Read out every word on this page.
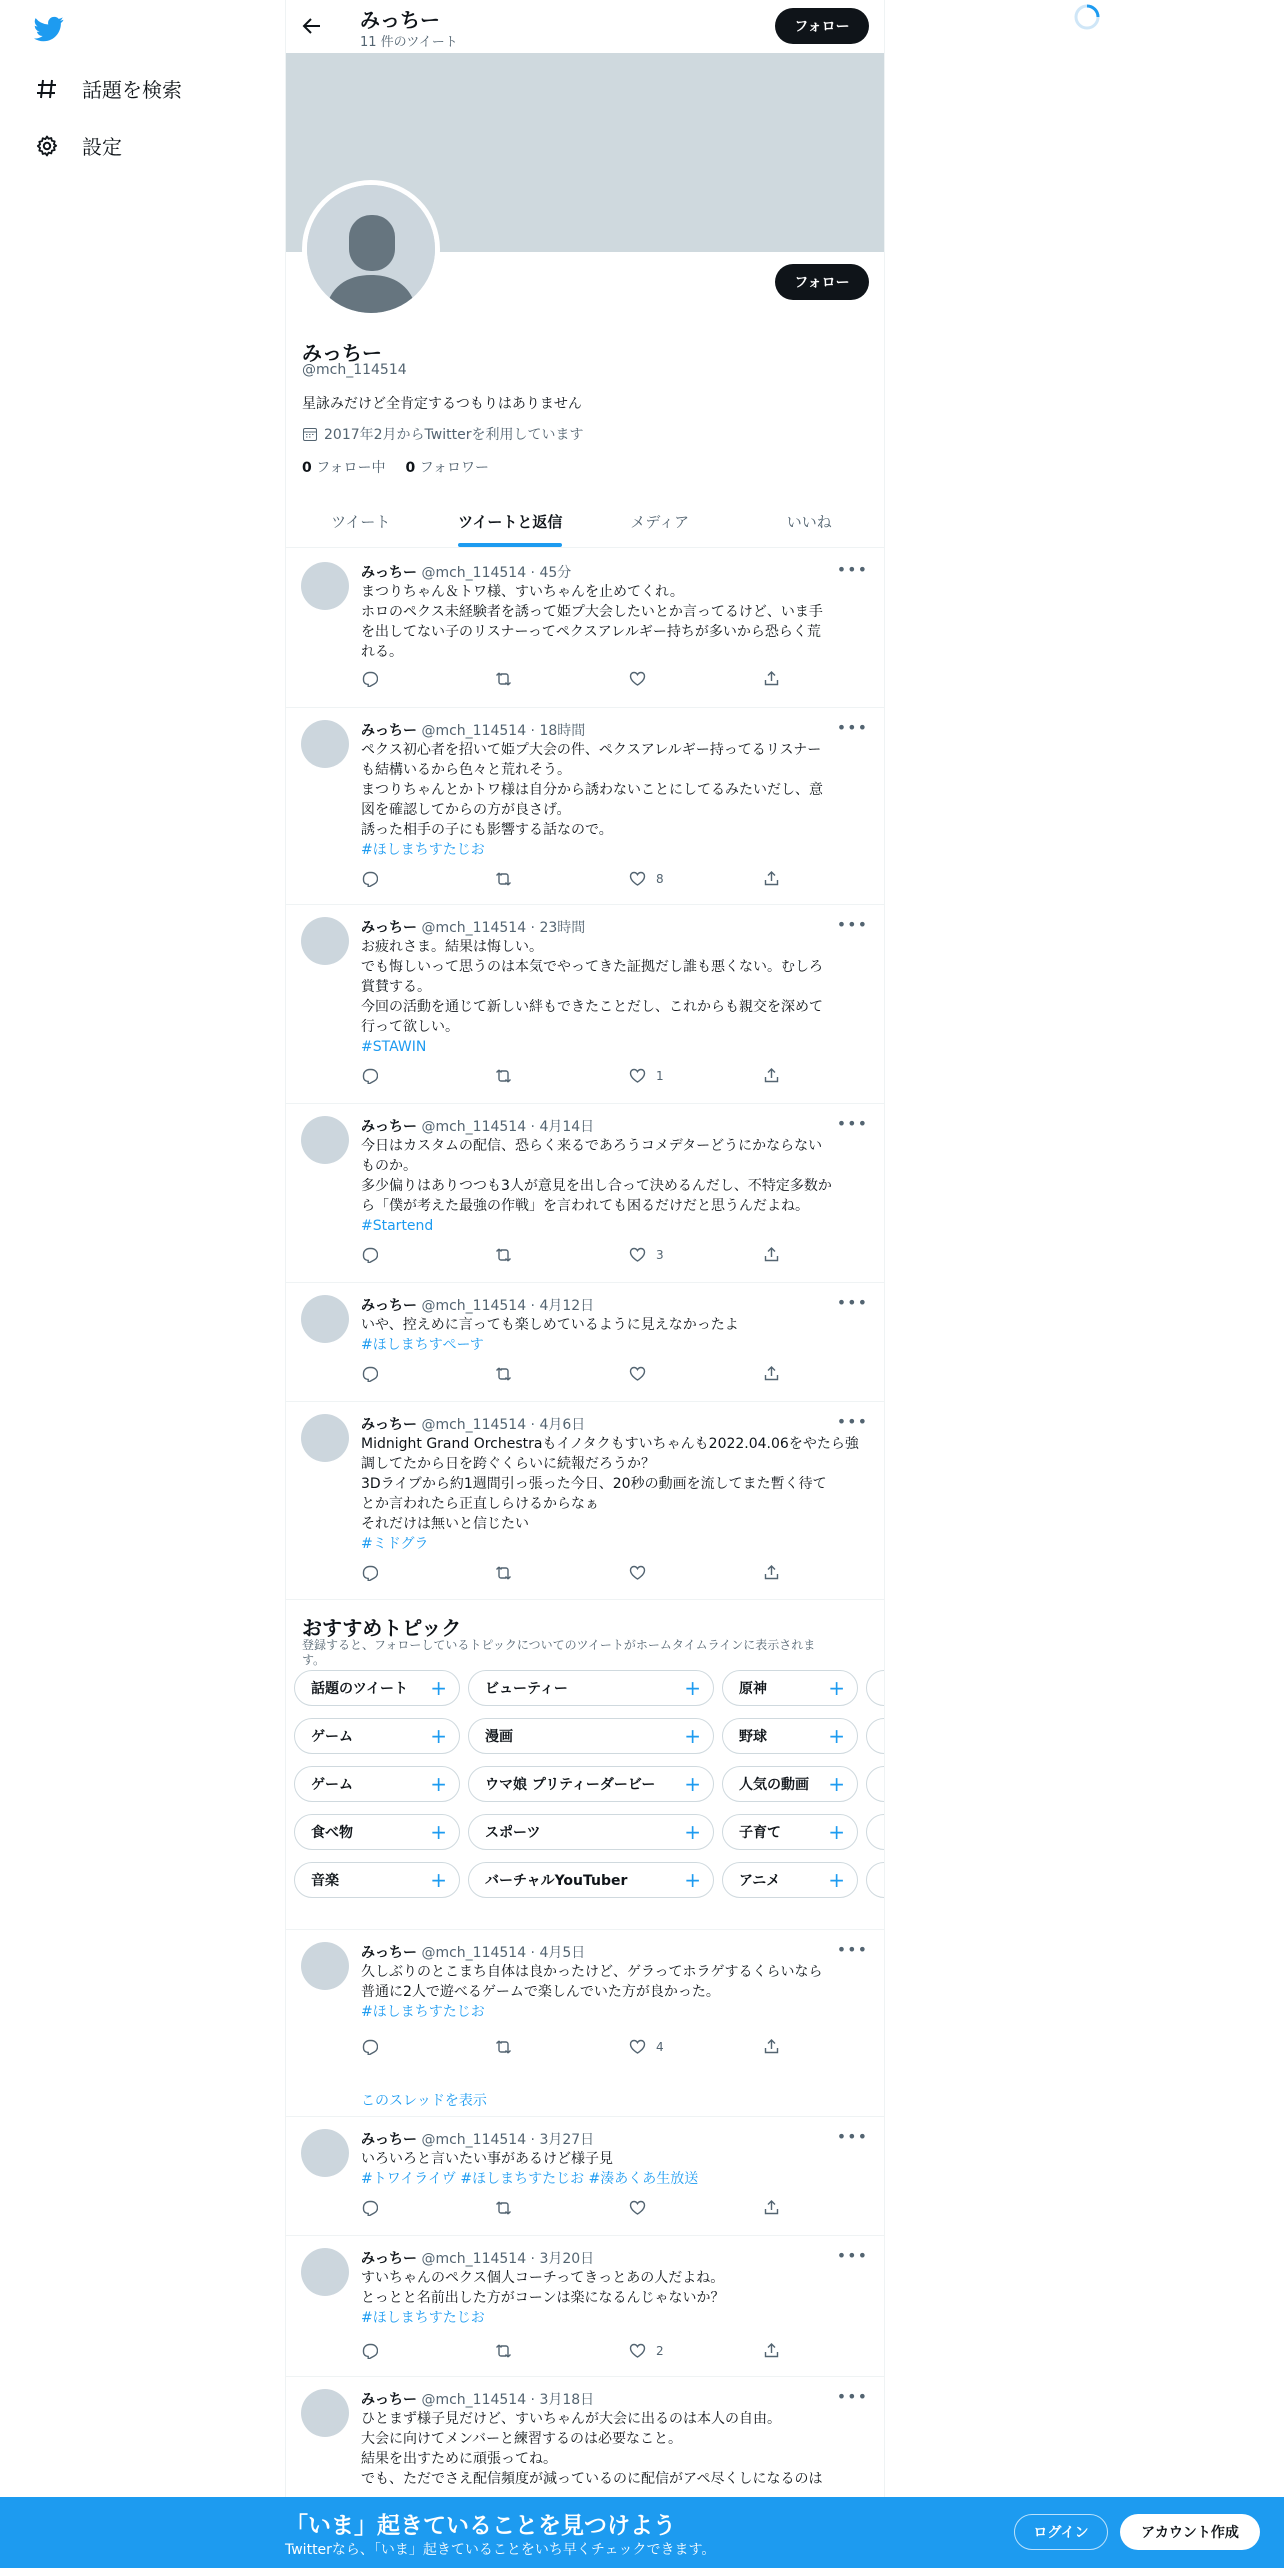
話題を検索
設定
みっちー
11 件のツイート
フォロー
フォロー
みっちー
@mch_114514
星詠みだけど全肯定するつもりはありません
2017年2月からTwitterを利用しています
0 フォロー中 0 フォロワー
ツイート	ツイートと返信	メディア	いいね
みっちー @mch_114514 · 45分	•••
まつりちゃん＆トワ様、すいちゃんを止めてくれ。
ホロのペクス未経験者を誘って姫プ大会したいとか言ってるけど、いま手
を出してない子のリスナーってペクスアレルギー持ちが多いから恐らく荒
れる。
みっちー @mch_114514 · 18時間	•••
ペクス初心者を招いて姫プ大会の件、ペクスアレルギー持ってるリスナー
も結構いるから色々と荒れそう。
まつりちゃんとかトワ様は自分から誘わないことにしてるみたいだし、意
図を確認してからの方が良さげ。
誘った相手の子にも影響する話なので。
#ほしまちすたじお
8
みっちー @mch_114514 · 23時間	•••
お疲れさま。結果は悔しい。
でも悔しいって思うのは本気でやってきた証拠だし誰も悪くない。むしろ
賞賛する。
今回の活動を通じて新しい絆もできたことだし、これからも親交を深めて
行って欲しい。
#STAWIN
1
みっちー @mch_114514 · 4月14日	•••
今日はカスタムの配信、恐らく来るであろうコメデターどうにかならない
ものか。
多少偏りはありつつも3人が意見を出し合って決めるんだし、不特定多数か
ら「僕が考えた最強の作戦」を言われても困るだけだと思うんだよね。
#Startend
3
みっちー @mch_114514 · 4月12日	•••
いや、控えめに言っても楽しめているように見えなかったよ
#ほしまちすぺーす
みっちー @mch_114514 · 4月6日	•••
Midnight Grand Orchestraもイノタクもすいちゃんも2022.04.06をやたら強
調してたから日を跨ぐくらいに続報だろうか？
3Dライブから約1週間引っ張った今日、20秒の動画を流してまた暫く待て
とか言われたら正直しらけるからなぁ
それだけは無いと信じたい
#ミドグラ
みっちー @mch_114514 · 4月5日	•••
久しぶりのとこまち自体は良かったけど、ゲラってホラゲするくらいなら
普通に2人で遊べるゲームで楽しんでいた方が良かった。
#ほしまちすたじお
4
このスレッドを表示
みっちー @mch_114514 · 3月27日	•••
いろいろと言いたい事があるけど様子見
#トワイライヴ #ほしまちすたじお #湊あくあ生放送
みっちー @mch_114514 · 3月20日	•••
すいちゃんのペクス個人コーチってきっとあの人だよね。
とっとと名前出した方がコーンは楽になるんじゃないか？
#ほしまちすたじお
2
みっちー @mch_114514 · 3月18日	•••
ひとまず様子見だけど、すいちゃんが大会に出るのは本人の自由。
大会に向けてメンバーと練習するのは必要なこと。
結果を出すために頑張ってね。
でも、ただでさえ配信頻度が減っているのに配信がアペ尽くしになるのは
おすすめトピック
登録すると、フォローしているトピックについてのツイートがホームタイムラインに表示されま
す。
話題のツイート +	ビューティー	+	原神	+
ゲーム	+	漫画	+	野球	+
ゲーム	+	ウマ娘 プリティーダービー +	人気の動画 +
食べ物	+	スポーツ	+	子育て +
音楽	+	バーチャルYouTuber	+	アニメ +
「いま」起きていることを見つけよう
Twitterなら、「いま」起きていることをいち早くチェックできます。
ログイン	アカウント作成
